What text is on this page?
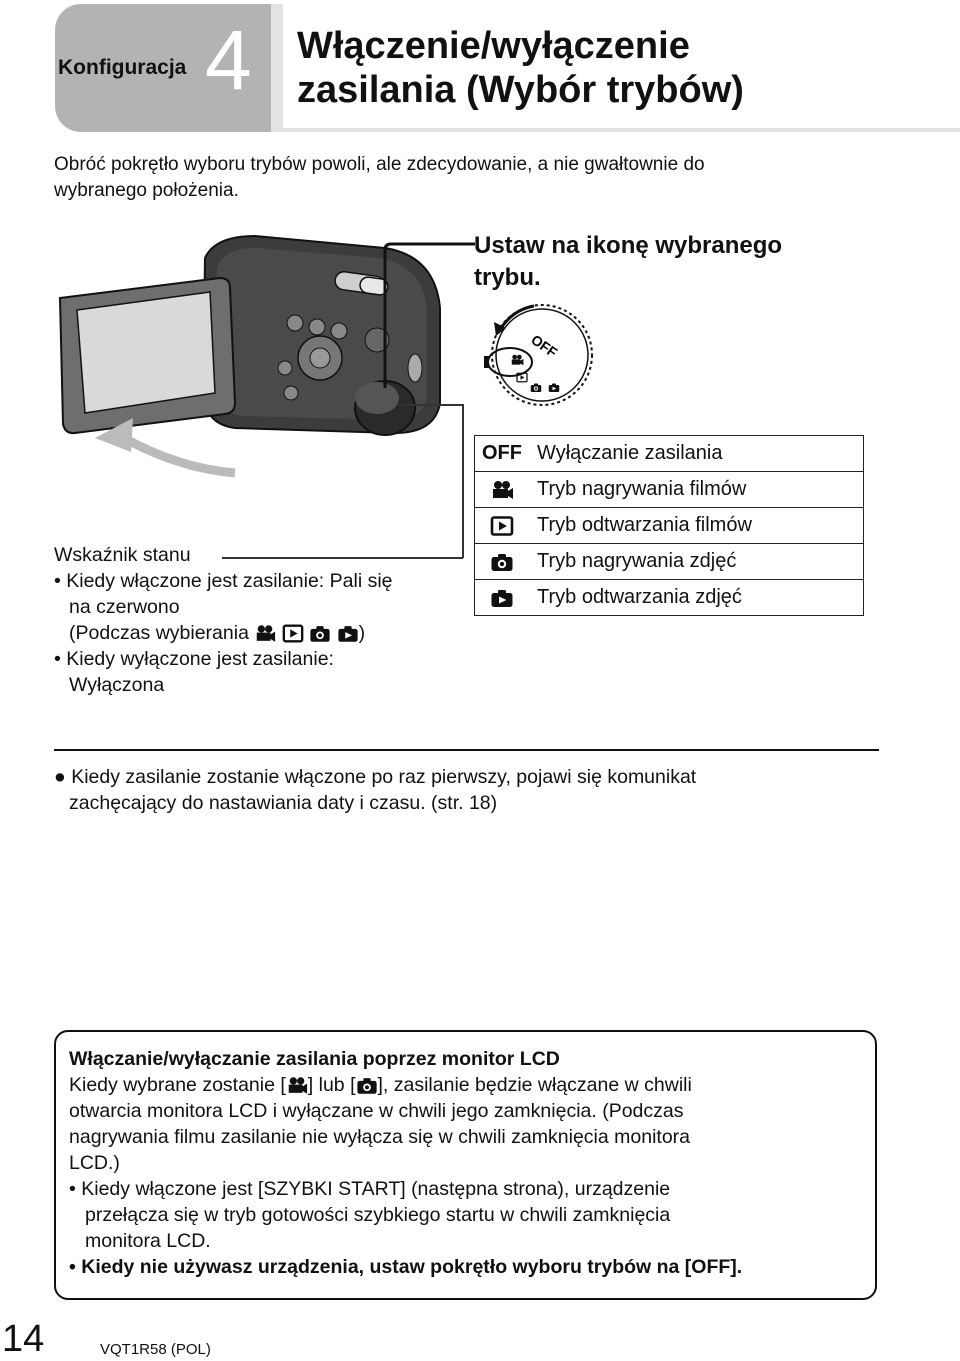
Konfiguracja 4 Włączenie/wyłączenie
zasilania (Wybór trybów)
Obróć pokrętło wyboru trybów powoli, ale zdecydowanie, a nie gwałtownie do
wybranego położenia.
Ustaw na ikonę wybranego
trybu.
OFF
OFF	Wyłączanie zasilania
	Tryb nagrywania filmów
	Tryb odtwarzania filmów
	Tryb nagrywania zdjęć
	Tryb odtwarzania zdjęć
Wskaźnik stanu
• Kiedy włączone jest zasilanie: Pali się
na czerwono
(Podczas wybierania	)
• Kiedy wyłączone jest zasilanie:
Wyłączona
● Kiedy zasilanie zostanie włączone po raz pierwszy, pojawi się komunikat
zachęcający do nastawiania daty i czasu. (str. 18)
Włączanie/wyłączanie zasilania poprzez monitor LCD
Kiedy wybrane zostanie [ ] lub [ ], zasilanie będzie włączane w chwili
otwarcia monitora LCD i wyłączane w chwili jego zamknięcia. (Podczas
nagrywania filmu zasilanie nie wyłącza się w chwili zamknięcia monitora
LCD.)
• Kiedy włączone jest [SZYBKI START] (następna strona), urządzenie
przełącza się w tryb gotowości szybkiego startu w chwili zamknięcia
monitora LCD.
• Kiedy nie używasz urządzenia, ustaw pokrętło wyboru trybów na [OFF].
14	VQT1R58 (POL)
